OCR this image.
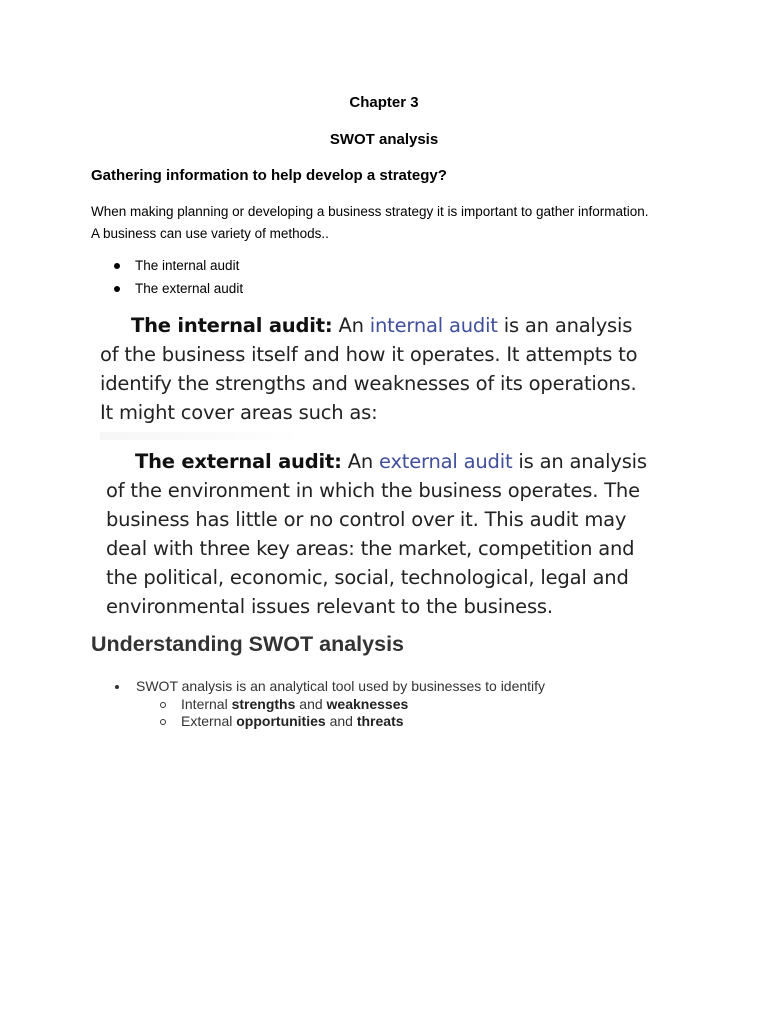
Chapter 3
SWOT analysis
Gathering information to help develop a strategy?
When making planning or developing a business strategy it is important to gather information.
A business can use variety of methods..
The internal audit
The external audit
The internal audit: An internal audit is an analysis
of the business itself and how it operates. It attempts to
identify the strengths and weaknesses of its operations.
It might cover areas such as:
The external audit: An external audit is an analysis
of the environment in which the business operates. The
business has little or no control over it. This audit may
deal with three key areas: the market, competition and
the political, economic, social, technological, legal and
environmental issues relevant to the business.
Understanding SWOT analysis
SWOT analysis is an analytical tool used by businesses to identify
Internal strengths and weaknesses
External opportunities and threats
